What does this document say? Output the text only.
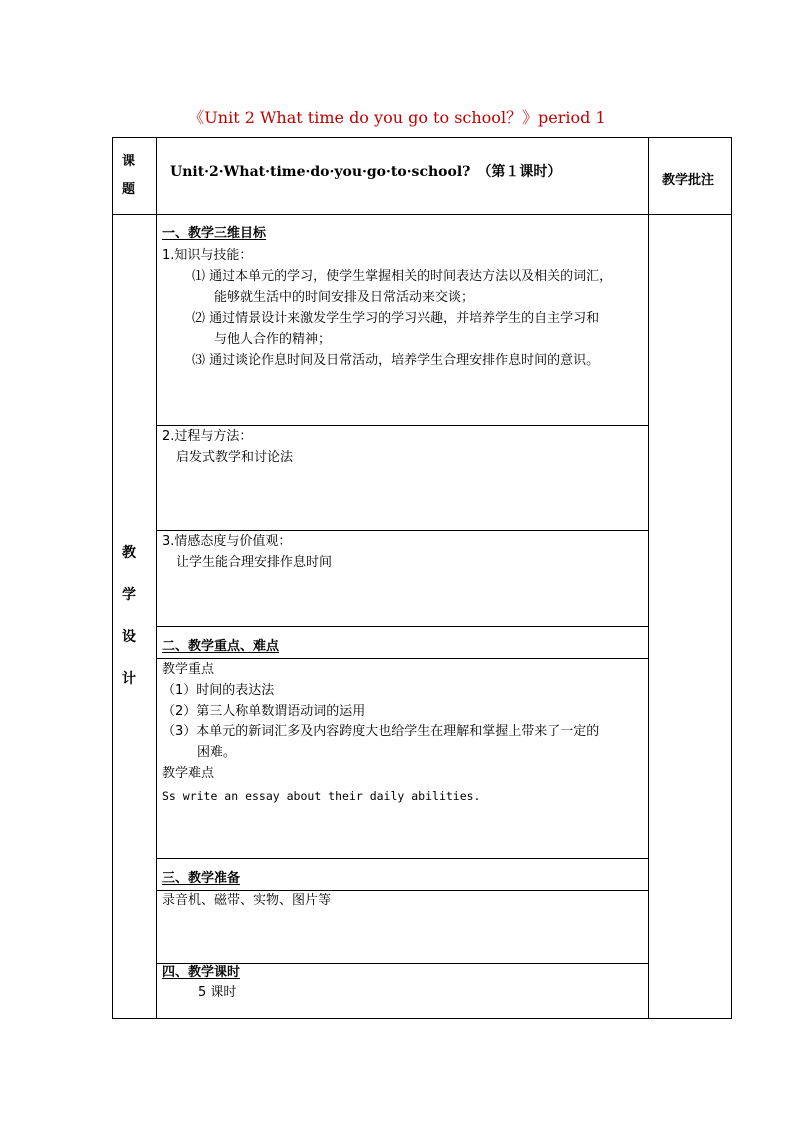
《Unit 2 What time do you go to school？》period 1
课
题
Unit·2·What·time·do·you·go·to·school?　（第１课时）
教学批注
教
学
设
计
一、教学三维目标
1.知识与技能：
⑴ 通过本单元的学习，使学生掌握相关的时间表达方法以及相关的词汇，
能够就生活中的时间安排及日常活动来交谈；
⑵ 通过情景设计来激发学生学习的学习兴趣，并培养学生的自主学习和
与他人合作的精神；
⑶ 通过谈论作息时间及日常活动，培养学生合理安排作息时间的意识。
2.过程与方法：
启发式教学和讨论法
3.情感态度与价值观：
让学生能合理安排作息时间
二、教学重点、难点
教学重点
（1）时间的表达法
（2）第三人称单数谓语动词的运用
（3）本单元的新词汇多及内容跨度大也给学生在理解和掌握上带来了一定的
困难。
教学难点
Ss write an essay about their daily abilities.
三、教学准备
录音机、磁带、实物、图片等
四、教学课时
5 课时
